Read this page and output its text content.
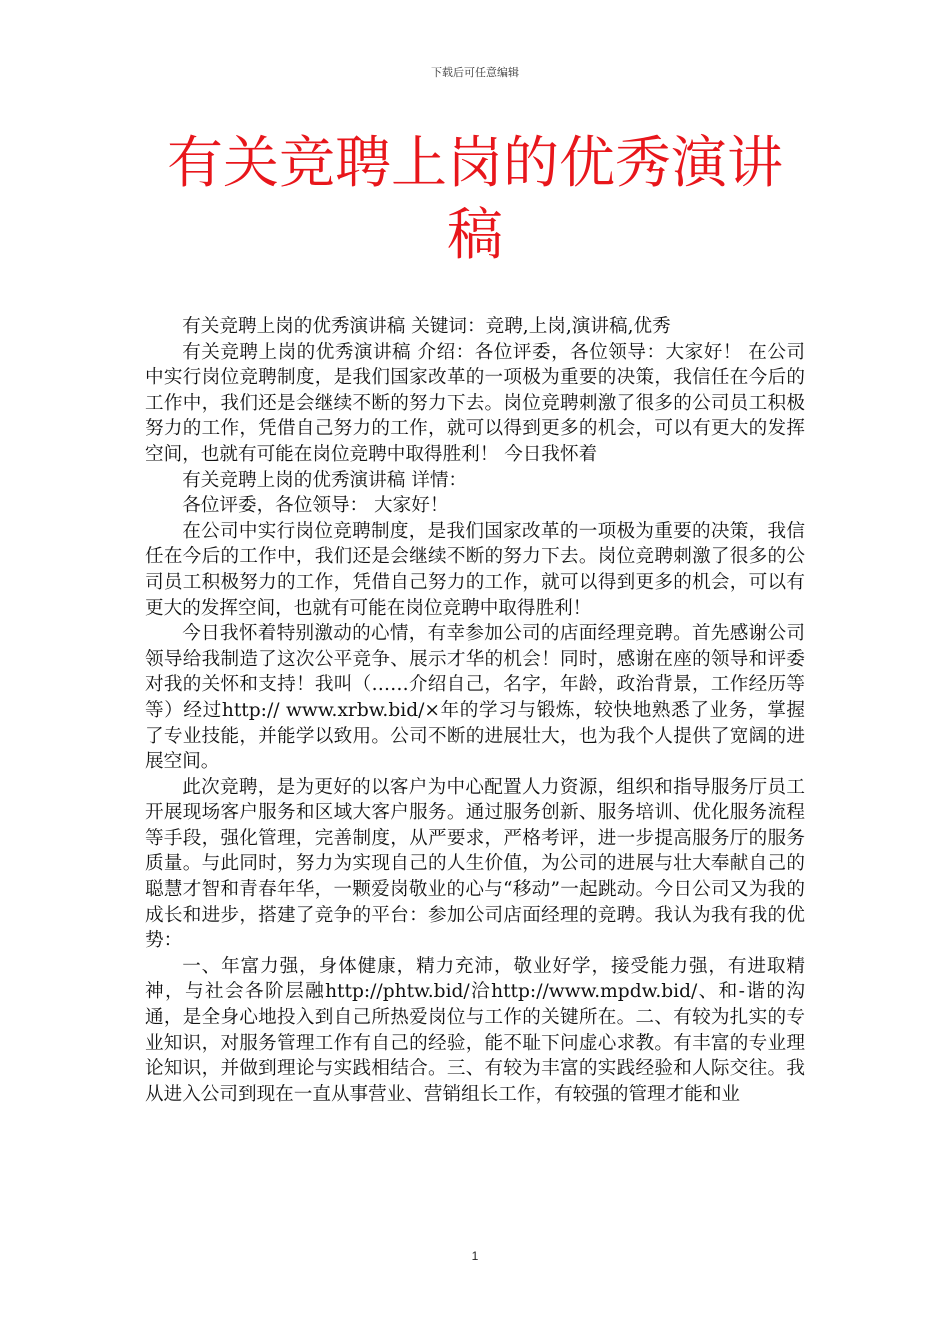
下载后可任意编辑
有关竞聘上岗的优秀演讲稿

有关竞聘上岗的优秀演讲稿 关键词：竞聘,上岗,演讲稿,优秀

有关竞聘上岗的优秀演讲稿 介绍：各位评委，各位领导：大家好！ 在公司中实行岗位竞聘制度，是我们国家改革的一项极为重要的决策，我信任在今后的工作中，我们还是会继续不断的努力下去。岗位竞聘刺激了很多的公司员工积极努力的工作，凭借自己努力的工作，就可以得到更多的机会，可以有更大的发挥空间，也就有可能在岗位竞聘中取得胜利！ 今日我怀着

有关竞聘上岗的优秀演讲稿 详情：

各位评委，各位领导： 大家好！

在公司中实行岗位竞聘制度，是我们国家改革的一项极为重要的决策，我信任在今后的工作中，我们还是会继续不断的努力下去。岗位竞聘刺激了很多的公司员工积极努力的工作，凭借自己努力的工作，就可以得到更多的机会，可以有更大的发挥空间，也就有可能在岗位竞聘中取得胜利！

今日我怀着特别激动的心情，有幸参加公司的店面经理竞聘。首先感谢公司领导给我制造了这次公平竞争、展示才华的机会！同时，感谢在座的领导和评委对我的关怀和支持！我叫（……介绍自己，名字，年龄，政治背景，工作经历等等）经过http:// www.xrbw.bid/×年的学习与锻炼，较快地熟悉了业务，掌握了专业技能，并能学以致用。公司不断的进展壮大，也为我个人提供了宽阔的进展空间。

此次竞聘，是为更好的以客户为中心配置人力资源，组织和指导服务厅员工开展现场客户服务和区域大客户服务。通过服务创新、服务培训、优化服务流程等手段，强化管理，完善制度，从严要求，严格考评，进一步提高服务厅的服务质量。与此同时，努力为实现自己的人生价值，为公司的进展与壮大奉献自己的聪慧才智和青春年华，一颗爱岗敬业的心与“移动”一起跳动。今日公司又为我的成长和进步，搭建了竞争的平台：参加公司店面经理的竞聘。我认为我有我的优势：

一、年富力强，身体健康，精力充沛，敬业好学，接受能力强，有进取精神，与社会各阶层融http://phtw.bid/洽http://www.mpdw.bid/、和-谐的沟通，是全身心地投入到自己所热爱岗位与工作的关键所在。二、有较为扎实的专业知识，对服务管理工作有自己的经验，能不耻下问虚心求教。有丰富的专业理论知识，并做到理论与实践相结合。三、有较为丰富的实践经验和人际交往。我从进入公司到现在一直从事营业、营销组长工作，有较强的管理才能和业

1
